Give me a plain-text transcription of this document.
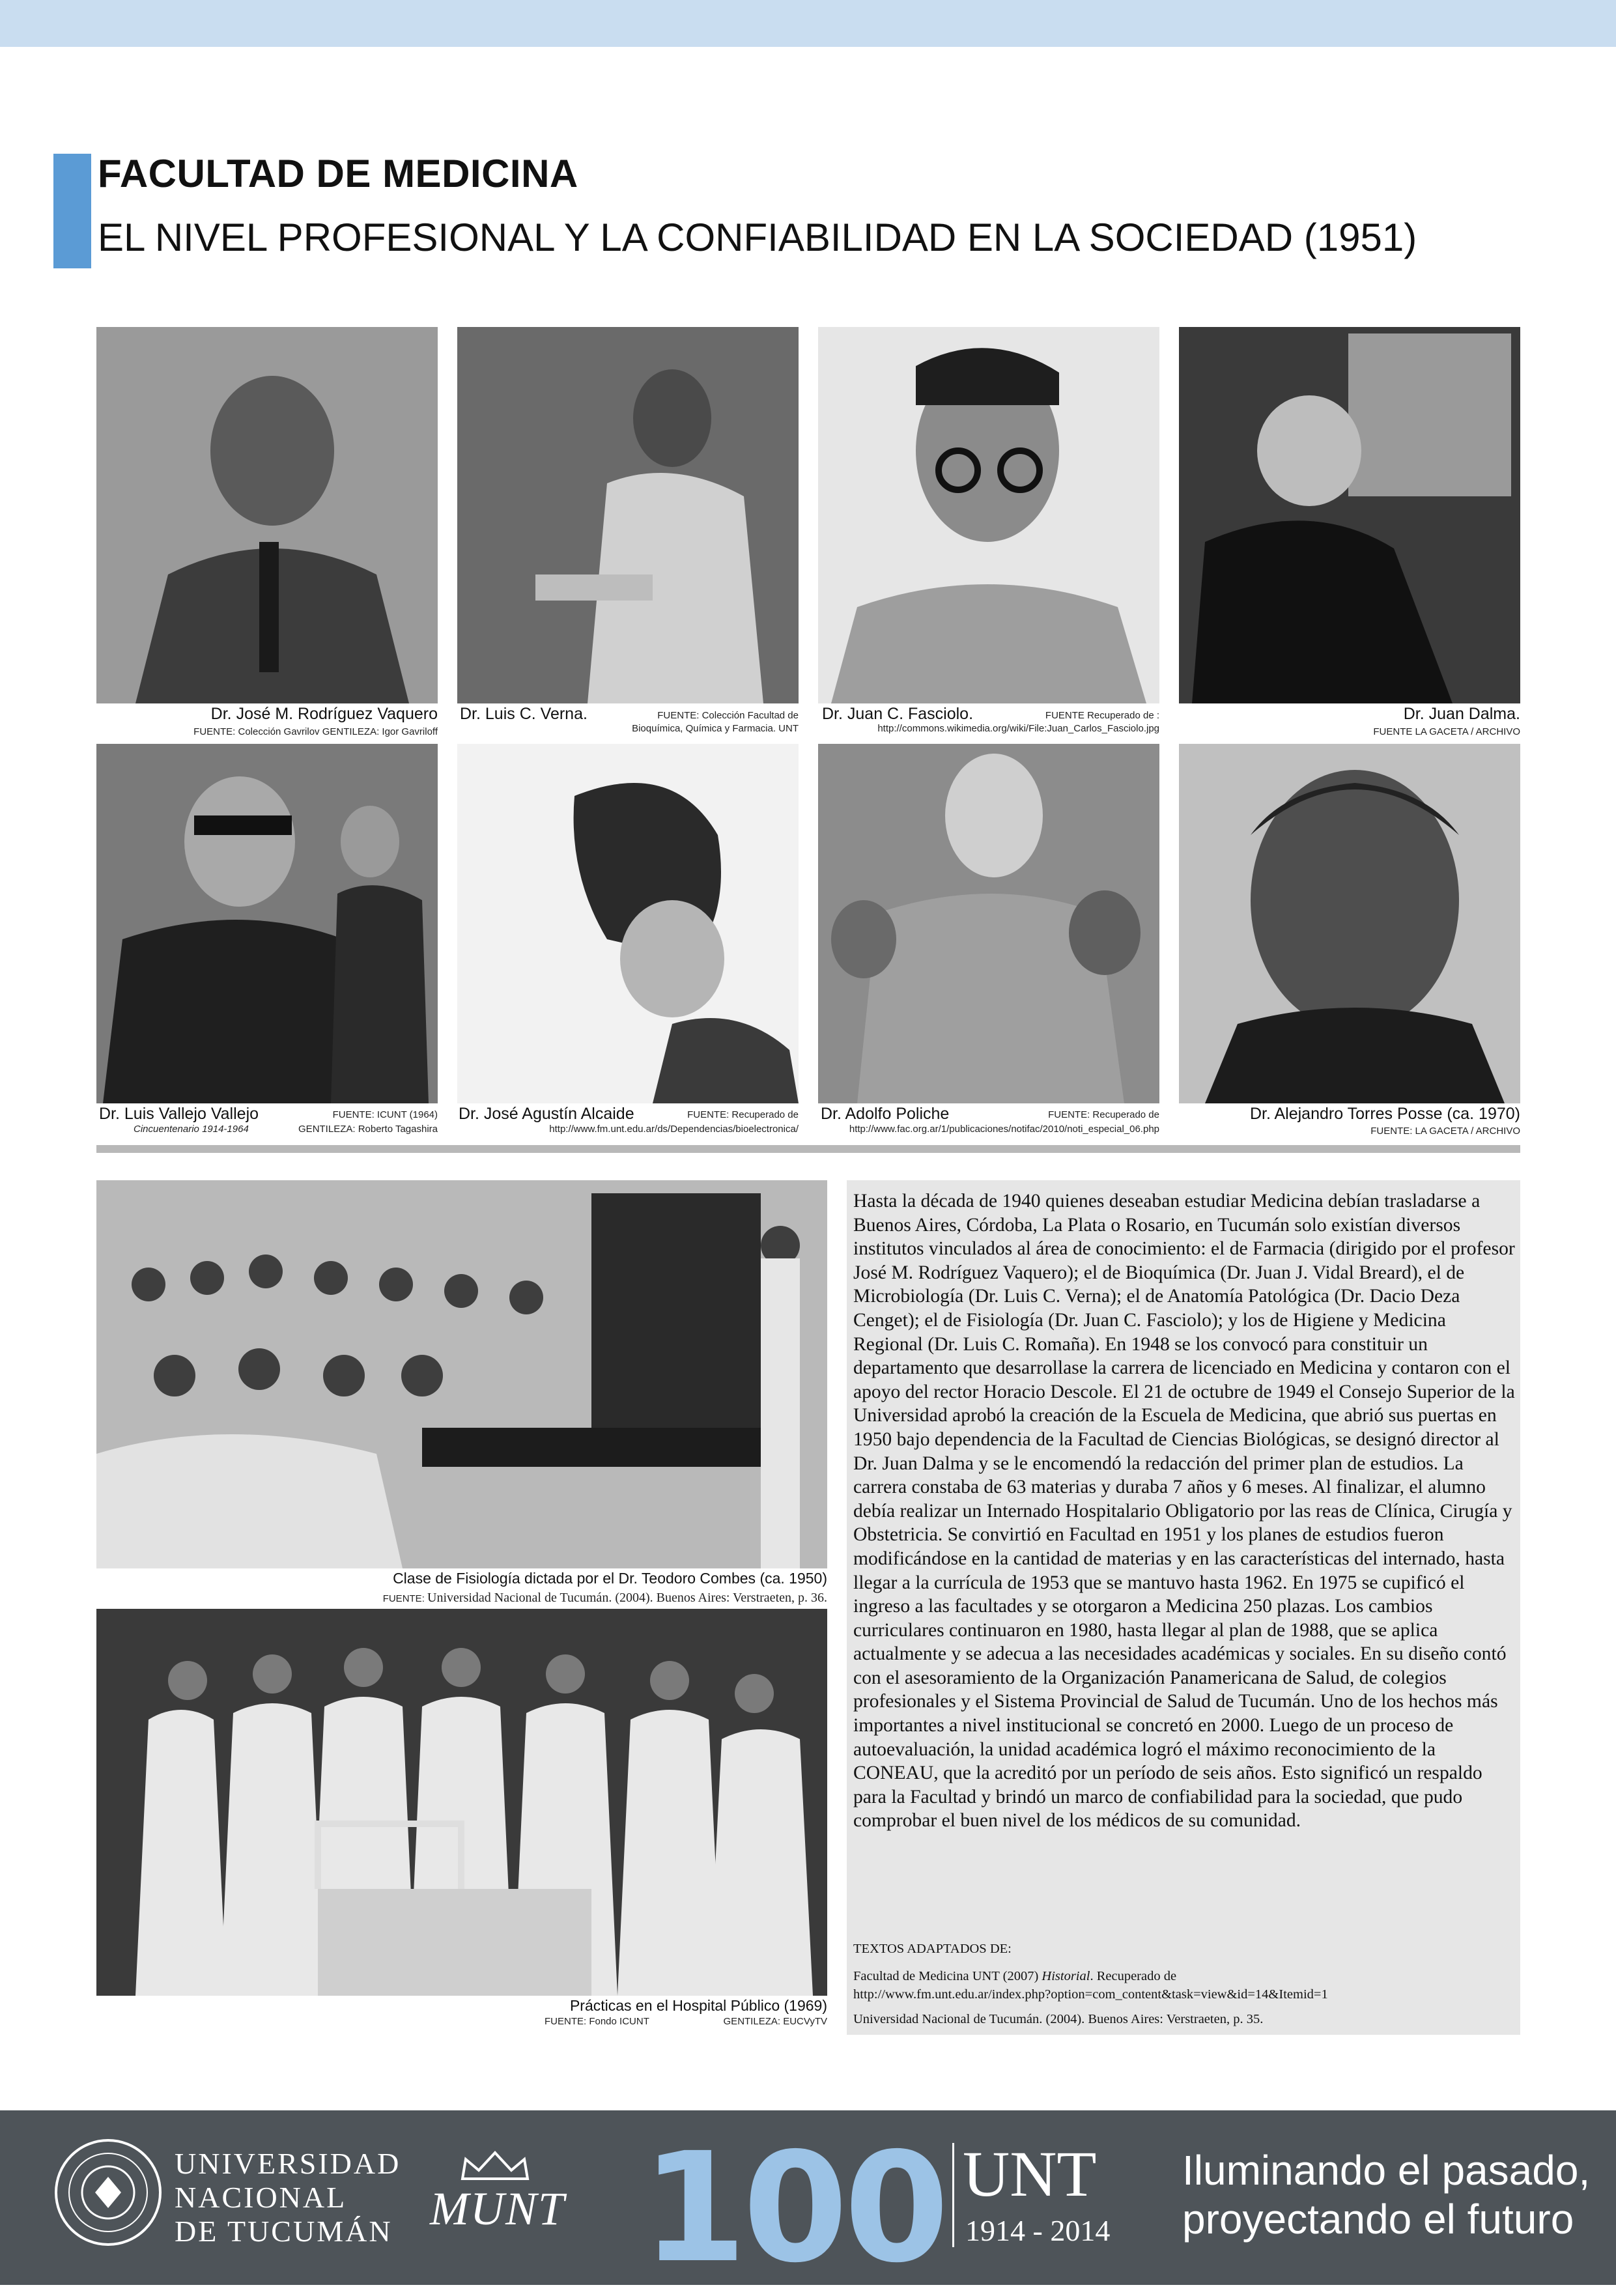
FACULTAD DE MEDICINA
EL NIVEL PROFESIONAL Y LA CONFIABILIDAD EN LA SOCIEDAD (1951)
Dr. José M. Rodríguez Vaquero
FUENTE: Colección Gavrilov GENTILEZA: Igor Gavriloff
Dr. Luis C. Verna.	FUENTE: Colección Facultad de
Bioquímica, Química y Farmacia. UNT
Dr. Juan C. Fasciolo.	FUENTE Recuperado de :
http://commons.wikimedia.org/wiki/File:Juan_Carlos_Fasciolo.jpg
Dr. Juan Dalma.
FUENTE LA GACETA / ARCHIVO
Dr. Luis Vallejo Vallejo
Cincuentenario 1914-1964
FUENTE: ICUNT (1964)
GENTILEZA: Roberto Tagashira
Dr. José Agustín Alcaide	FUENTE: Recuperado de
http://www.fm.unt.edu.ar/ds/Dependencias/bioelectronica/
Dr. Adolfo Poliche	FUENTE: Recuperado de
http://www.fac.org.ar/1/publicaciones/notifac/2010/noti_especial_06.php
Dr. Alejandro Torres Posse (ca. 1970)
FUENTE: LA GACETA / ARCHIVO
Clase de Fisiología dictada por el Dr. Teodoro Combes (ca. 1950)
FUENTE: Universidad Nacional de Tucumán. (2004). Buenos Aires: Verstraeten, p. 36.
Prácticas en el Hospital Público (1969)
FUENTE: Fondo ICUNT	GENTILEZA: EUCVyTV
Hasta la década de 1940 quienes deseaban estudiar Medicina debían trasladarse a Buenos Aires, Córdoba, La Plata o Rosario, en Tucumán solo existían diversos institutos vinculados al área de conocimiento: el de Farmacia (dirigido por el profesor José M. Rodríguez Vaquero); el de Bioquímica (Dr. Juan J. Vidal Breard), el de Microbiología (Dr. Luis C. Verna); el de Anatomía Patológica (Dr. Dacio Deza Cenget); el de Fisiología (Dr. Juan C. Fasciolo); y los de Higiene y Medicina Regional (Dr. Luis C. Romaña). En 1948 se los convocó para constituir un departamento que desarrollase la carrera de licenciado en Medicina y contaron con el apoyo del rector Horacio Descole. El 21 de octubre de 1949 el Consejo Superior de la Universidad aprobó la creación de la Escuela de Medicina, que abrió sus puertas en 1950 bajo dependencia de la Facultad de Ciencias Biológicas, se designó director al Dr. Juan Dalma y se le encomendó la redacción del primer plan de estudios. La carrera constaba de 63 materias y duraba 7 años y 6 meses. Al finalizar, el alumno debía realizar un Internado Hospitalario Obligatorio por las reas de Clínica, Cirugía y Obstetricia. Se convirtió en Facultad en 1951 y los planes de estudios fueron modificándose en la cantidad de materias y en las características del internado, hasta llegar a la currícula de 1953 que se mantuvo hasta 1962. En 1975 se cupificó el ingreso a las facultades y se otorgaron a Medicina 250 plazas. Los cambios curriculares continuaron en 1980, hasta llegar al plan de 1988, que se aplica actualmente y se adecua a las necesidades académicas y sociales. En su diseño contó con el asesoramiento de la Organización Panamericana de Salud, de colegios profesionales y el Sistema Provincial de Salud de Tucumán. Uno de los hechos más importantes a nivel institucional se concretó en 2000. Luego de un proceso de autoevaluación, la unidad académica logró el máximo reconocimiento de la CONEAU, que la acreditó por un período de seis años. Esto significó un respaldo para la Facultad y brindó un marco de confiabilidad para la sociedad, que pudo comprobar el buen nivel de los médicos de su comunidad.
TEXTOS ADAPTADOS DE:
Facultad de Medicina UNT (2007) Historial. Recuperado de
http://www.fm.unt.edu.ar/index.php?option=com_content&task=view&id=14&Itemid=1
Universidad Nacional de Tucumán. (2004). Buenos Aires: Verstraeten, p. 35.
UNIVERSIDAD
NACIONAL
DE TUCUMÁN MUNT 100 UNT
1914 - 2014
Iluminando el pasado,
proyectando el futuro
